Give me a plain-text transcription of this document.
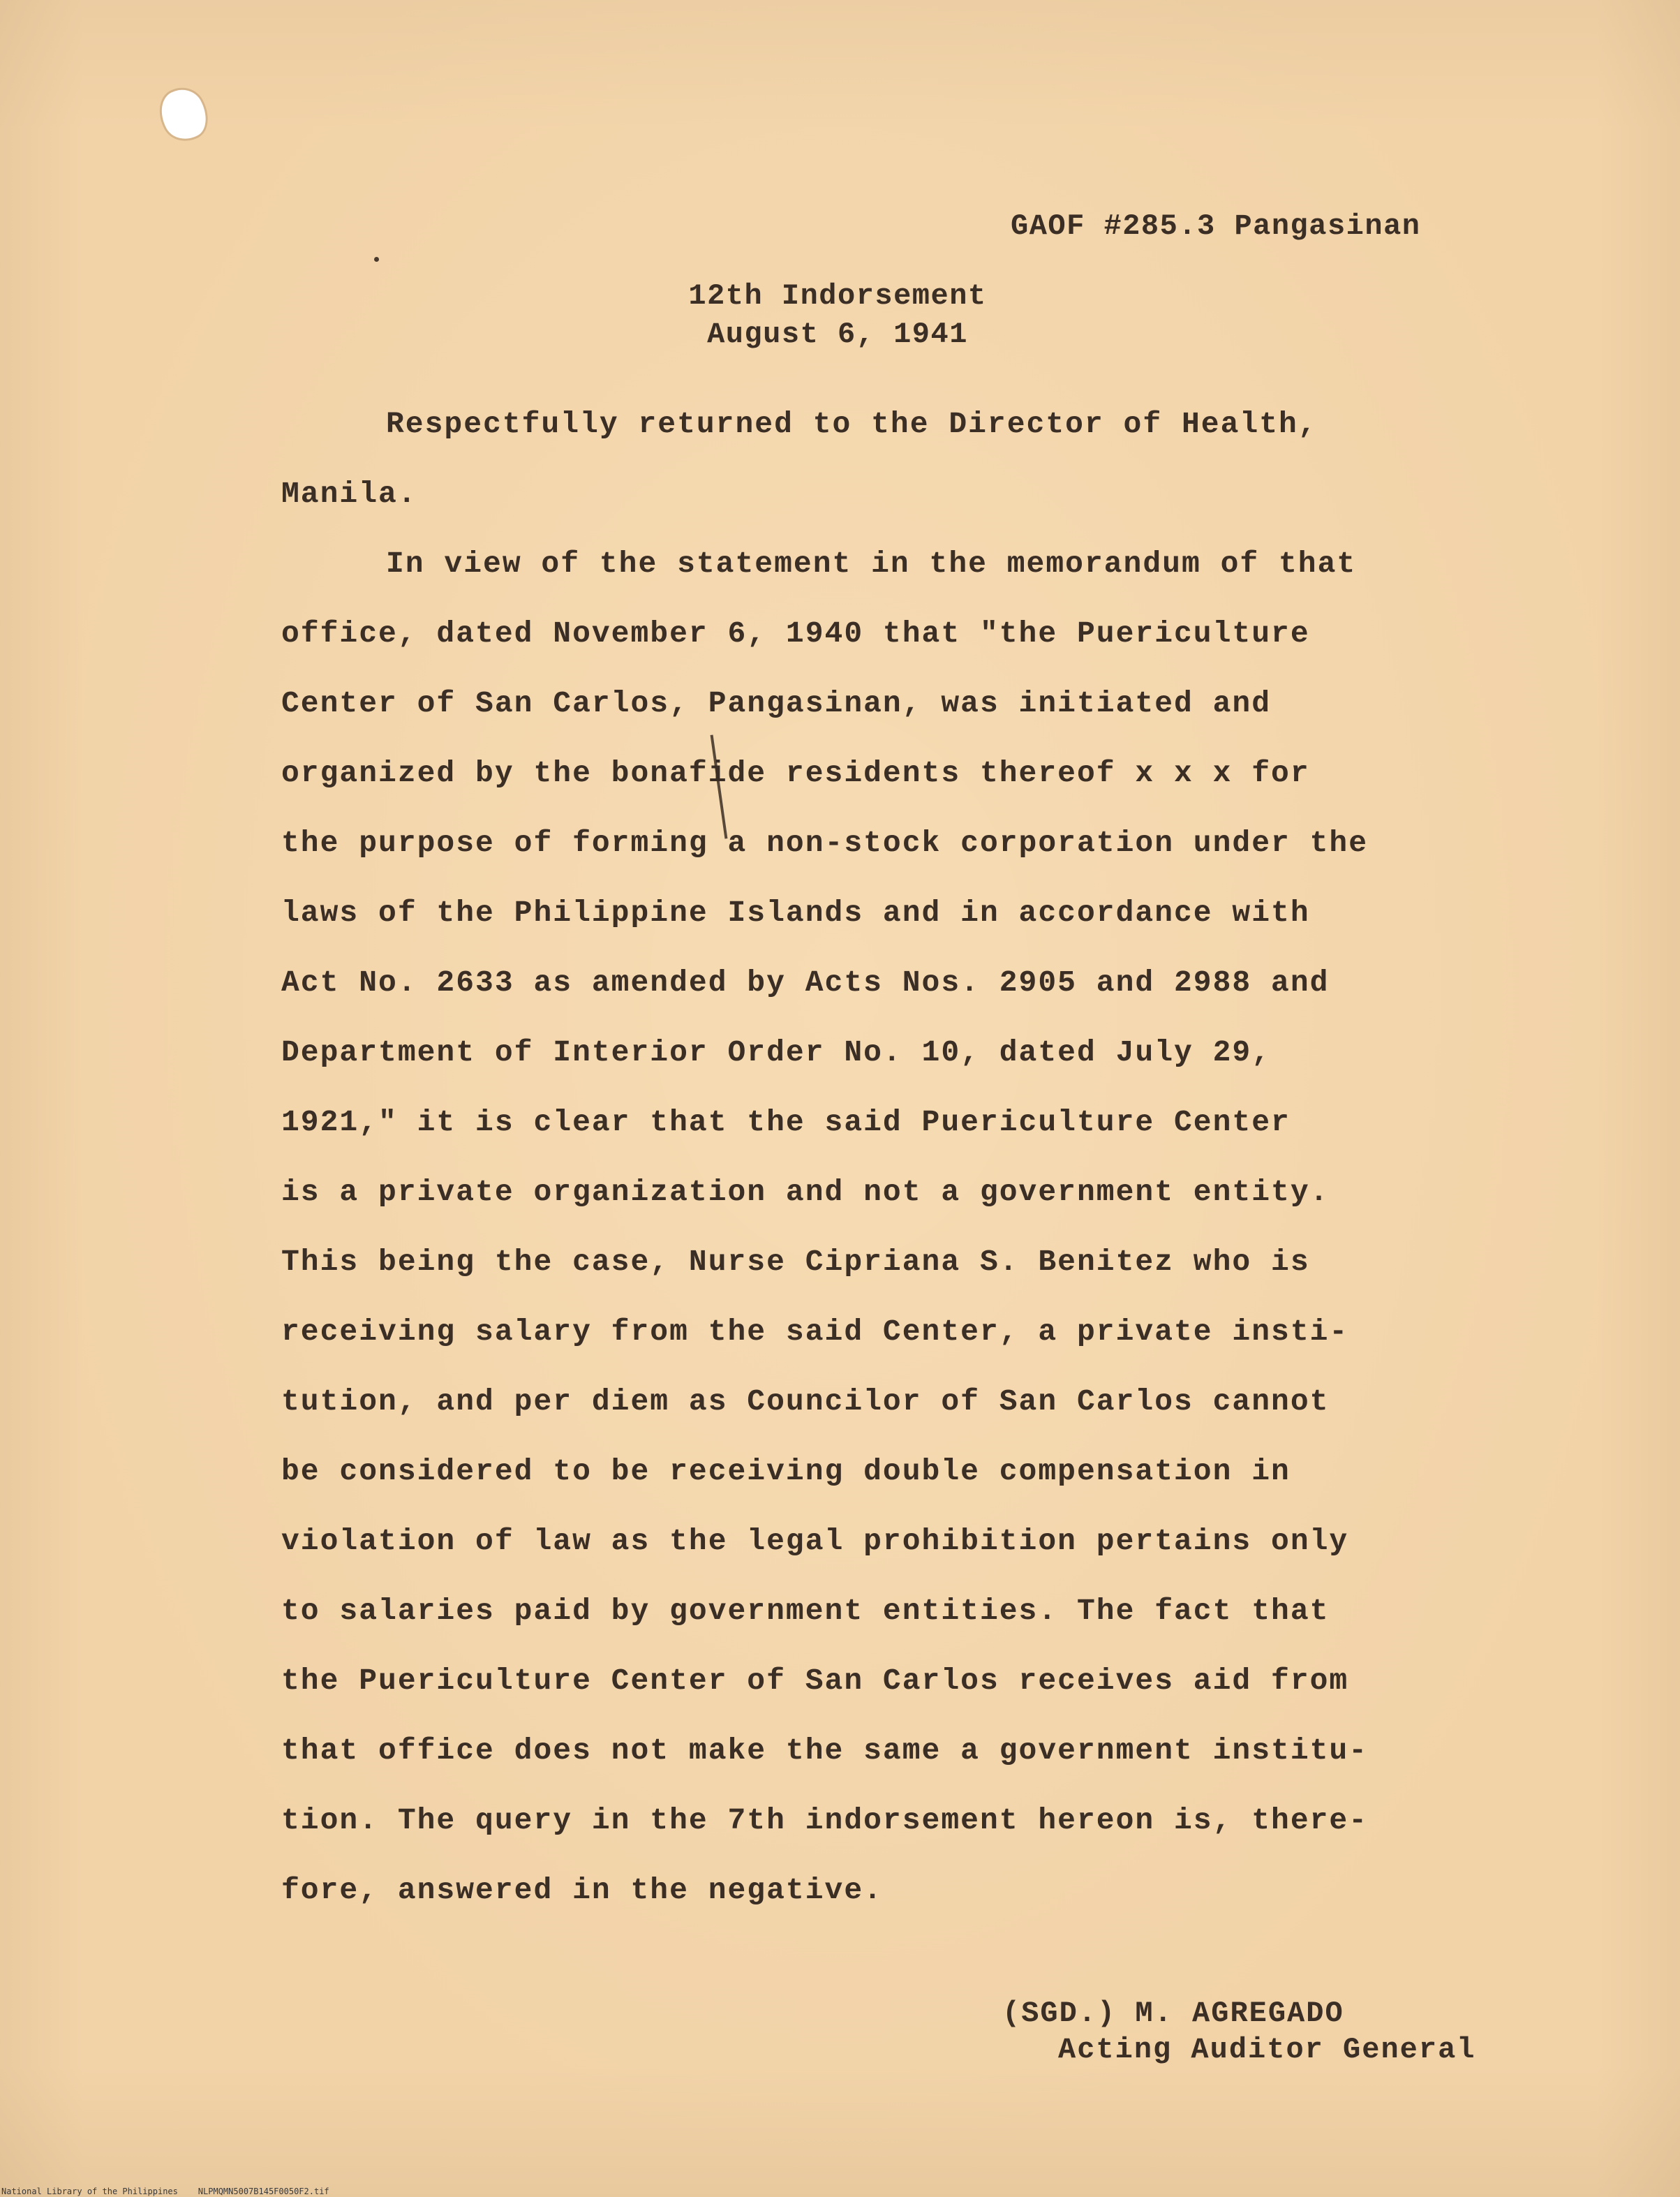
GAOF #285.3 Pangasinan
12th Indorsement
August 6, 1941
Respectfully returned to the Director of Health,
Manila.
In view of the statement in the memorandum of that
office, dated November 6, 1940 that "the Puericulture
Center of San Carlos, Pangasinan, was initiated and
organized by the bonafide residents thereof x x x for
the purpose of forming a non-stock corporation under the
laws of the Philippine Islands and in accordance with
Act No. 2633 as amended by Acts Nos. 2905 and 2988 and
Department of Interior Order No. 10, dated July 29,
1921," it is clear that the said Puericulture Center
is a private organization and not a government entity.
This being the case, Nurse Cipriana S. Benitez who is
receiving salary from the said Center, a private insti-
tution, and per diem as Councilor of San Carlos cannot
be considered to be receiving double compensation in
violation of law as the legal prohibition pertains only
to salaries paid by government entities. The fact that
the Puericulture Center of San Carlos receives aid from
that office does not make the same a government institu-
tion. The query in the 7th indorsement hereon is, there-
fore, answered in the negative.
(SGD.) M. AGREGADO
Acting Auditor General
National Library of the Philippines NLPMQMN5007B145F0050F2.tif
